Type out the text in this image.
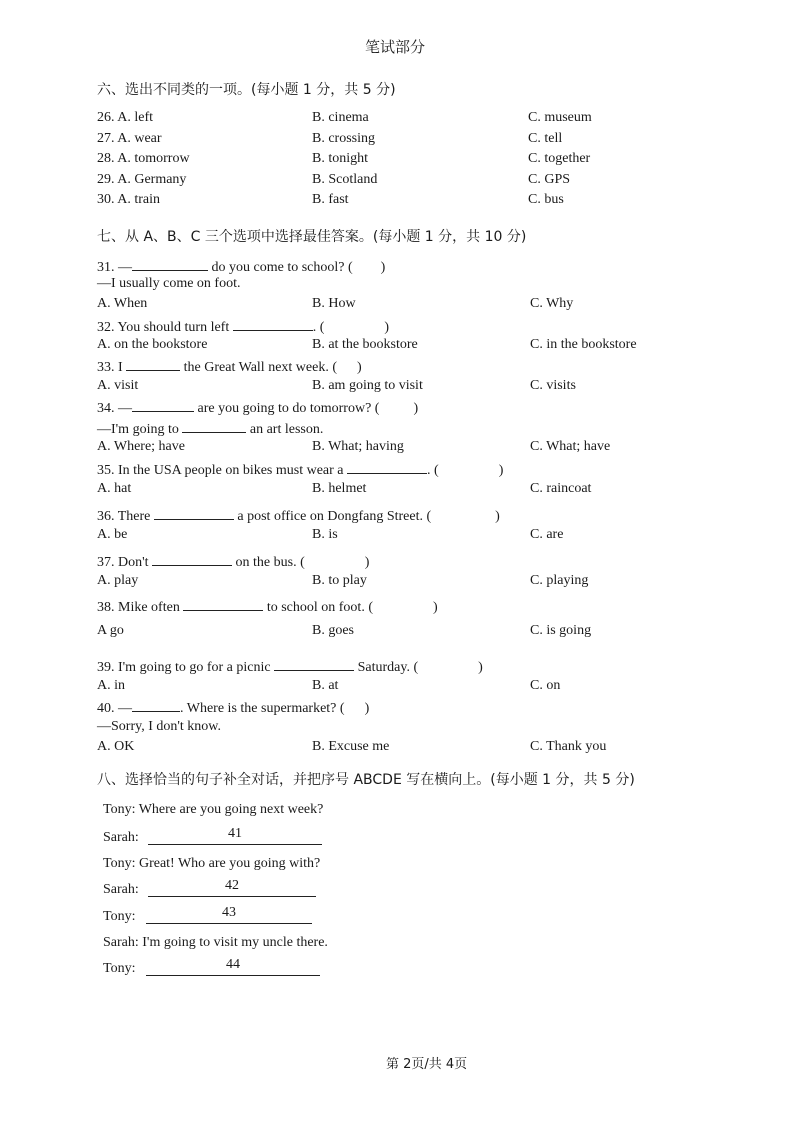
笔试部分
六、选出不同类的一项。(每小题 1 分，共 5 分)
26. A. left	B. cinema	C. museum
27. A. wear	B. crossing	C. tell
28. A. tomorrow	B. tonight	C. together
29. A. Germany	B. Scotland	C. GPS
30. A. train	B. fast	C. bus
七、从 A、B、C 三个选项中选择最佳答案。(每小题 1 分，共 10 分)
31. —	do you come to school? ( )
—I usually come on foot.
A. When	B. How	C. Why
32. You should turn left	. (	)
A. on the bookstore	B. at the bookstore	C. in the bookstore
33. I	the Great Wall next week. ( )
A. visit	B. am going to visit	C. visits
34. —	are you going to do tomorrow? ( )
—I'm going to	an art lesson.
A. Where; have	B. What; having	C. What; have
35. In the USA people on bikes must wear a	. (	)
A. hat	B. helmet	C. raincoat
36. There	a post office on Dongfang Street. (	)
A. be	B. is	C. are
37. Don't	on the bus. (	)
A. play	B. to play	C. playing
38. Mike often	to school on foot. (	)
A go	B. goes	C. is going
39. I'm going to go for a picnic	Saturday. (	)
A. in	B. at	C. on
40. —	. Where is the supermarket? ( )
—Sorry, I don't know.
A. OK	B. Excuse me	C. Thank you
八、选择恰当的句子补全对话，并把序号 ABCDE 写在横向上。(每小题 1 分，共 5 分)
Tony: Where are you going next week?
Sarah:	41
Tony: Great! Who are you going with?
Sarah:	42
Tony:	43
Sarah: I'm going to visit my uncle there.
Tony:	44
第 2页/共 4页
